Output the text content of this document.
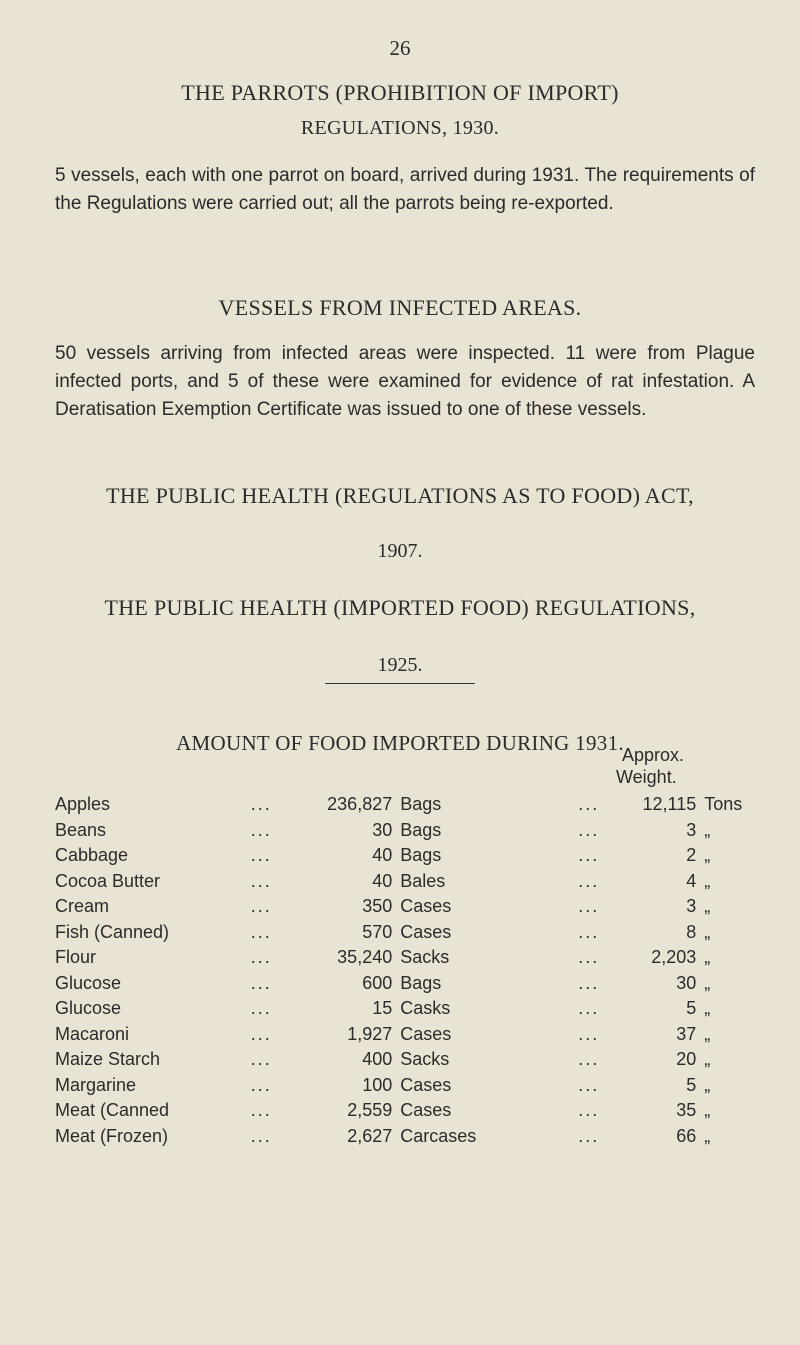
26
THE PARROTS (PROHIBITION OF IMPORT)
REGULATIONS, 1930.
5 vessels, each with one parrot on board, arrived during 1931. The requirements of the Regulations were carried out; all the parrots being re-exported.
VESSELS FROM INFECTED AREAS.
50 vessels arriving from infected areas were inspected. 11 were from Plague infected ports, and 5 of these were examined for evidence of rat infestation. A Deratisation Exemption Certificate was issued to one of these vessels.
THE PUBLIC HEALTH (REGULATIONS AS TO FOOD) ACT,
1907.
THE PUBLIC HEALTH (IMPORTED FOOD) REGULATIONS,
1925.
AMOUNT OF FOOD IMPORTED DURING 1931.
Approx.
Weight.
Apples	...	236,827	Bags	...	12,115	Tons
Beans	...	30	Bags	...	3	„
Cabbage	...	40	Bags	...	2	„
Cocoa Butter	...	40	Bales	...	4	„
Cream	...	350	Cases	...	3	„
Fish (Canned)	...	570	Cases	...	8	„
Flour	...	35,240	Sacks	...	2,203	„
Glucose	...	600	Bags	...	30	„
Glucose	...	15	Casks	...	5	„
Macaroni	...	1,927	Cases	...	37	„
Maize Starch	...	400	Sacks	...	20	„
Margarine	...	100	Cases	...	5	„
Meat (Canned	...	2,559	Cases	...	35	„
Meat (Frozen)	...	2,627	Carcases	...	66	„
